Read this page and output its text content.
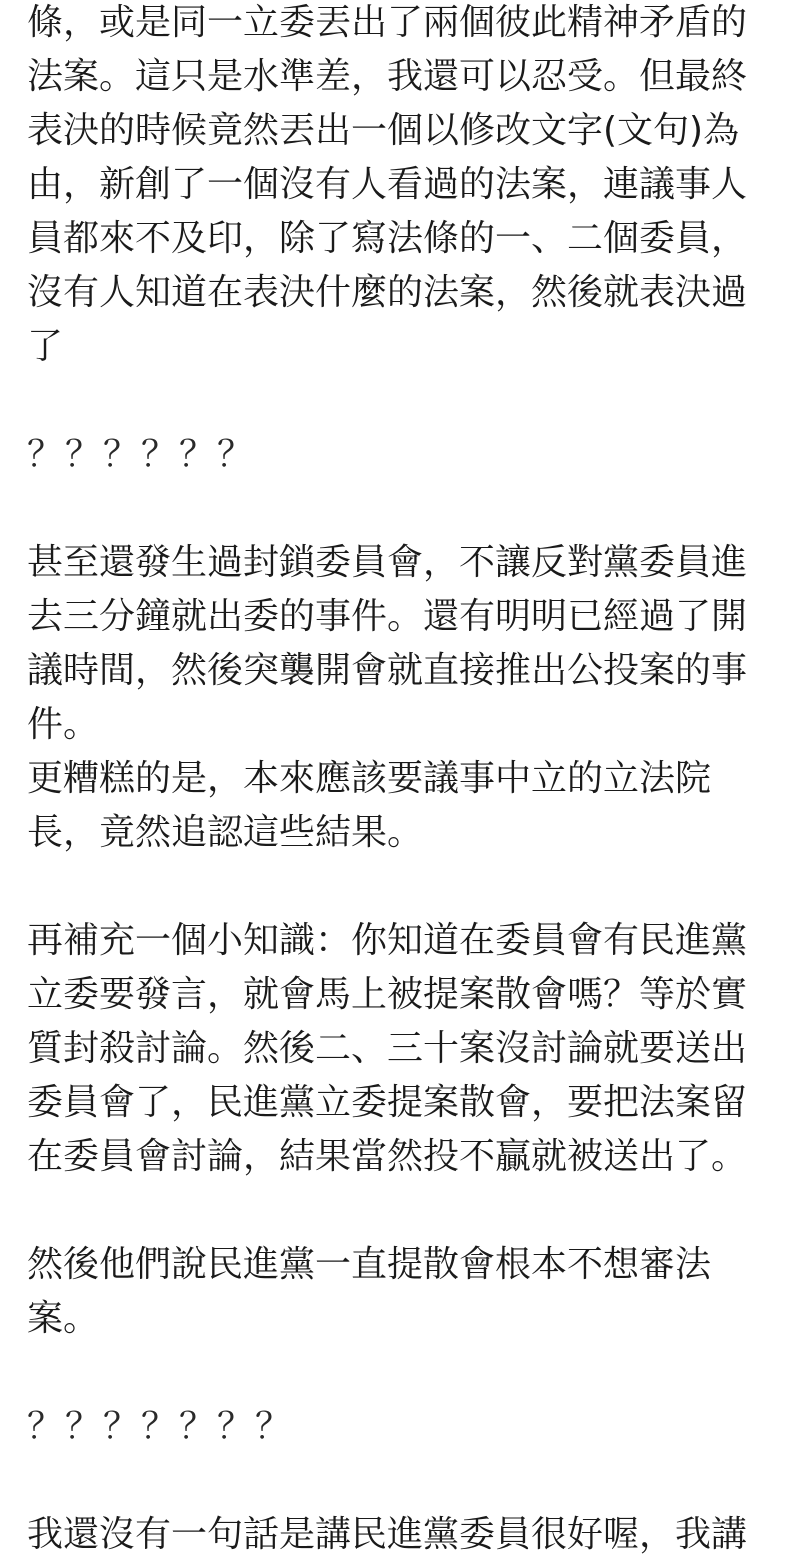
條，或是同一立委丟出了兩個彼此精神矛盾的
法案。這只是水準差，我還可以忍受。但最終
表決的時候竟然丟出一個以修改文字(文句)為
由，新創了一個沒有人看過的法案，連議事人
員都來不及印，除了寫法條的一、二個委員，
沒有人知道在表決什麼的法案，然後就表決過
了
？？？？？？
甚至還發生過封鎖委員會，不讓反對黨委員進
去三分鐘就出委的事件。還有明明已經過了開
議時間，然後突襲開會就直接推出公投案的事
件。
更糟糕的是，本來應該要議事中立的立法院
長，竟然追認這些結果。
再補充一個小知識：你知道在委員會有民進黨
立委要發言，就會馬上被提案散會嗎？等於實
質封殺討論。然後二、三十案沒討論就要送出
委員會了，民進黨立委提案散會，要把法案留
在委員會討論，結果當然投不贏就被送出了。
然後他們說民進黨一直提散會根本不想審法
案。
？？？？？？？
我還沒有一句話是講民進黨委員很好喔，我講
